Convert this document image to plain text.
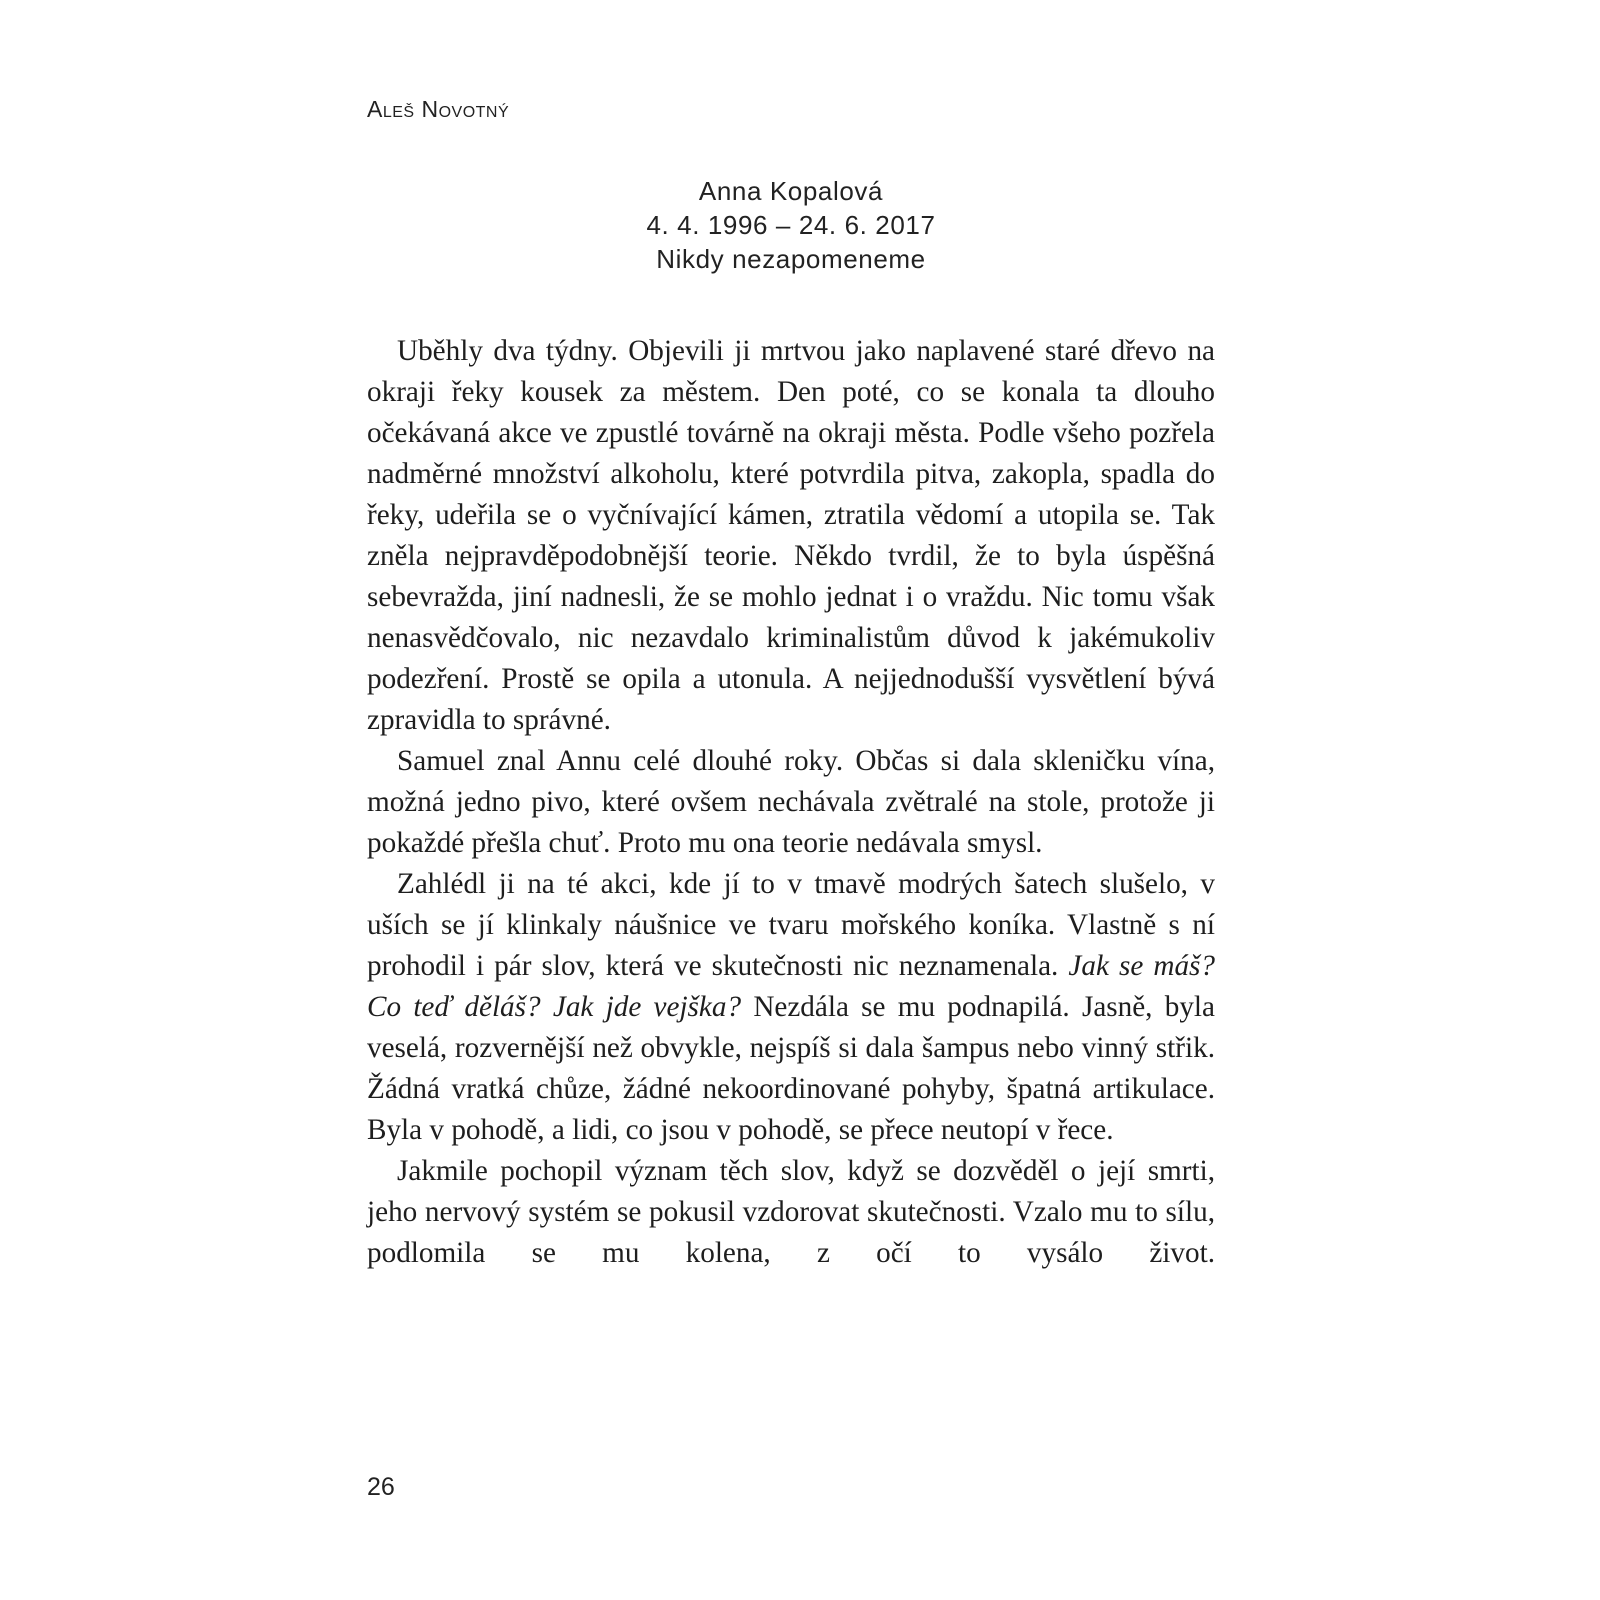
Aleš Novotný
Anna Kopalová
4. 4. 1996 – 24. 6. 2017
Nikdy nezapomeneme

Uběhly dva týdny. Objevili ji mrtvou jako naplavené staré dřevo na okraji řeky kousek za městem. Den poté, co se konala ta dlouho očekávaná akce ve zpustlé továrně na okraji města. Podle všeho pozřela nadměrné množství alkoholu, které potvrdila pitva, zakopla, spadla do řeky, udeřila se o vyčnívající kámen, ztratila vědomí a utopila se. Tak zněla nejpravděpodobnější teorie. Někdo tvrdil, že to byla úspěšná sebevražda, jiní nadnesli, že se mohlo jednat i o vraždu. Nic tomu však nenasvědčovalo, nic nezavdalo kriminalistům důvod k jakémukoliv podezření. Prostě se opila a utonula. A nejjednodušší vysvětlení bývá zpravidla to správné.

Samuel znal Annu celé dlouhé roky. Občas si dala skleničku vína, možná jedno pivo, které ovšem nechávala zvětralé na stole, protože ji pokaždé přešla chuť. Proto mu ona teorie nedávala smysl.

Zahlédl ji na té akci, kde jí to v tmavě modrých šatech slušelo, v uších se jí klinkaly náušnice ve tvaru mořského koníka. Vlastně s ní prohodil i pár slov, která ve skutečnosti nic neznamenala. Jak se máš? Co teď děláš? Jak jde vejška? Nezdála se mu podnapilá. Jasně, byla veselá, rozvernější než obvykle, nejspíš si dala šampus nebo vinný střik. Žádná vratká chůze, žádné nekoordinované pohyby, špatná artikulace. Byla v pohodě, a lidi, co jsou v pohodě, se přece neutopí v řece.

Jakmile pochopil význam těch slov, když se dozvěděl o její smrti, jeho nervový systém se pokusil vzdorovat skutečnosti. Vzalo mu to sílu, podlomila se mu kolena, z očí to vysálo život.

26
